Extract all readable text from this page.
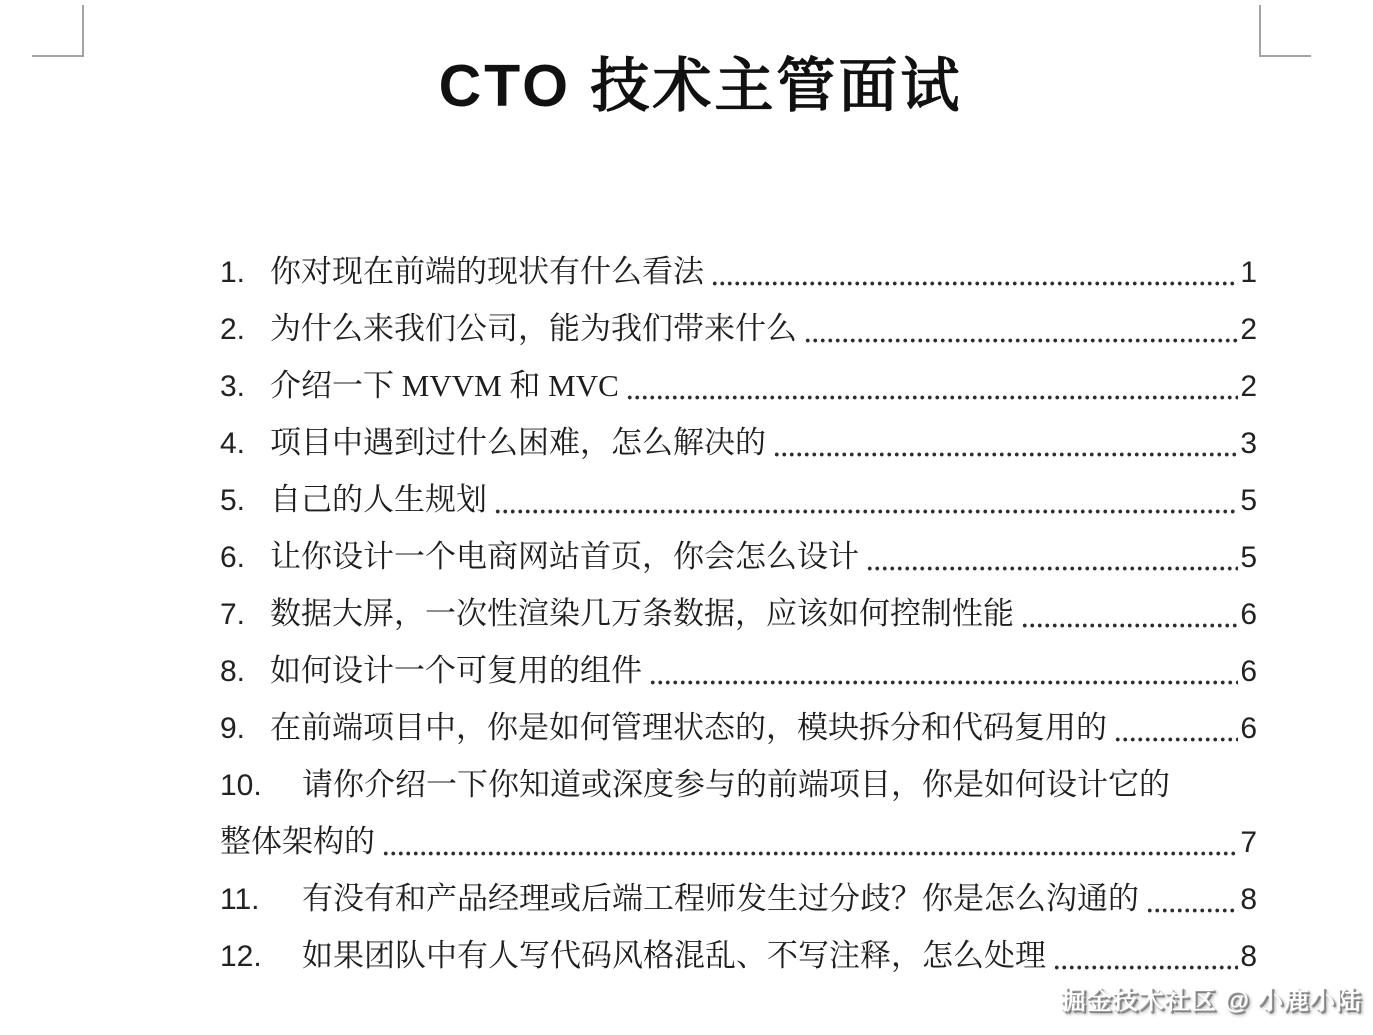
CTO 技术主管面试
1. 你对现在前端的现状有什么看法	1
2. 为什么来我们公司，能为我们带来什么	2
3. 介绍一下 MVVM 和 MVC	2
4. 项目中遇到过什么困难，怎么解决的	3
5. 自己的人生规划	5
6. 让你设计一个电商网站首页，你会怎么设计	5
7. 数据大屏，一次性渲染几万条数据，应该如何控制性能	6
8. 如何设计一个可复用的组件	6
9. 在前端项目中，你是如何管理状态的，模块拆分和代码复用的	6
10.	请你介绍一下你知道或深度参与的前端项目，你是如何设计它的
整体架构的	7
11.	有没有和产品经理或后端工程师发生过分歧？你是怎么沟通的	8
12.	如果团队中有人写代码风格混乱、不写注释，怎么处理	8
掘金技术社区 @ 小鹿小陆
